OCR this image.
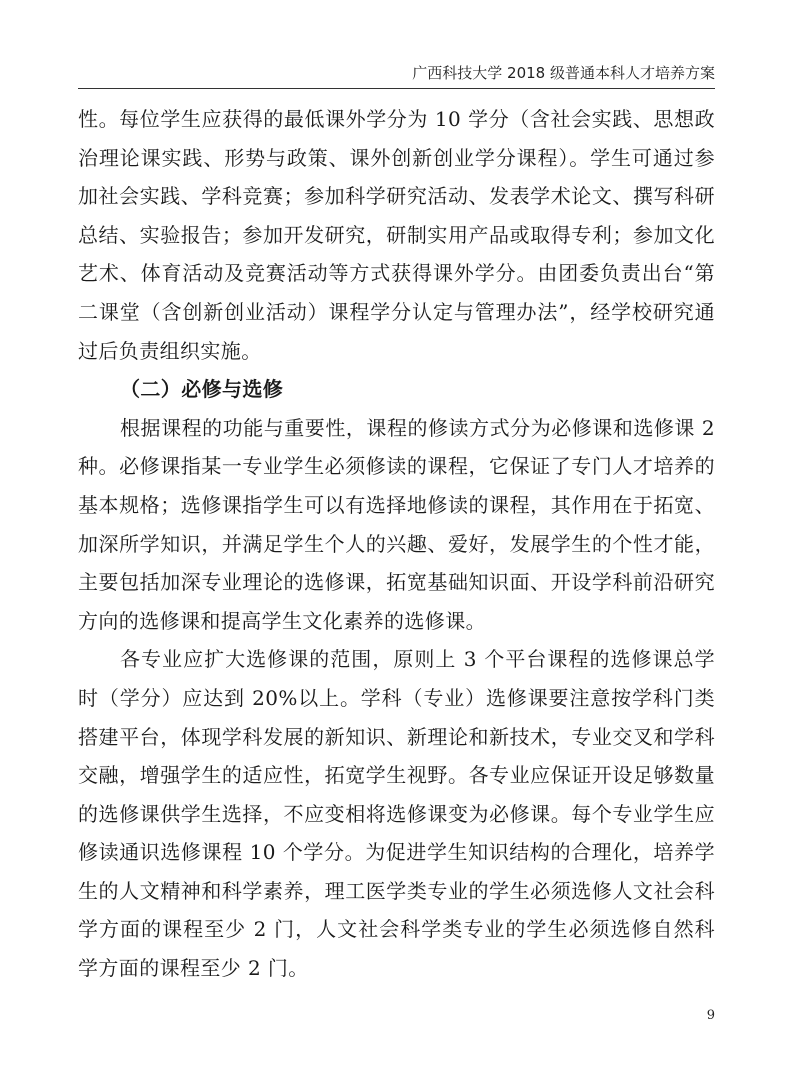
广西科技大学 2018 级普通本科人才培养方案

性。每位学生应获得的最低课外学分为 10 学分（含社会实践、思想政治理论课实践、形势与政策、课外创新创业学分课程）。学生可通过参加社会实践、学科竞赛；参加科学研究活动、发表学术论文、撰写科研总结、实验报告；参加开发研究，研制实用产品或取得专利；参加文化艺术、体育活动及竞赛活动等方式获得课外学分。由团委负责出台“第二课堂（含创新创业活动）课程学分认定与管理办法”，经学校研究通过后负责组织实施。

（二）必修与选修

根据课程的功能与重要性，课程的修读方式分为必修课和选修课 2 种。必修课指某一专业学生必须修读的课程，它保证了专门人才培养的基本规格；选修课指学生可以有选择地修读的课程，其作用在于拓宽、加深所学知识，并满足学生个人的兴趣、爱好，发展学生的个性才能，主要包括加深专业理论的选修课，拓宽基础知识面、开设学科前沿研究方向的选修课和提高学生文化素养的选修课。

各专业应扩大选修课的范围，原则上 3 个平台课程的选修课总学时（学分）应达到 20%以上。学科（专业）选修课要注意按学科门类搭建平台，体现学科发展的新知识、新理论和新技术，专业交叉和学科交融，增强学生的适应性，拓宽学生视野。各专业应保证开设足够数量的选修课供学生选择，不应变相将选修课变为必修课。每个专业学生应修读通识选修课程 10 个学分。为促进学生知识结构的合理化，培养学生的人文精神和科学素养，理工医学类专业的学生必须选修人文社会科学方面的课程至少 2 门，人文社会科学类专业的学生必须选修自然科学方面的课程至少 2 门。

9
